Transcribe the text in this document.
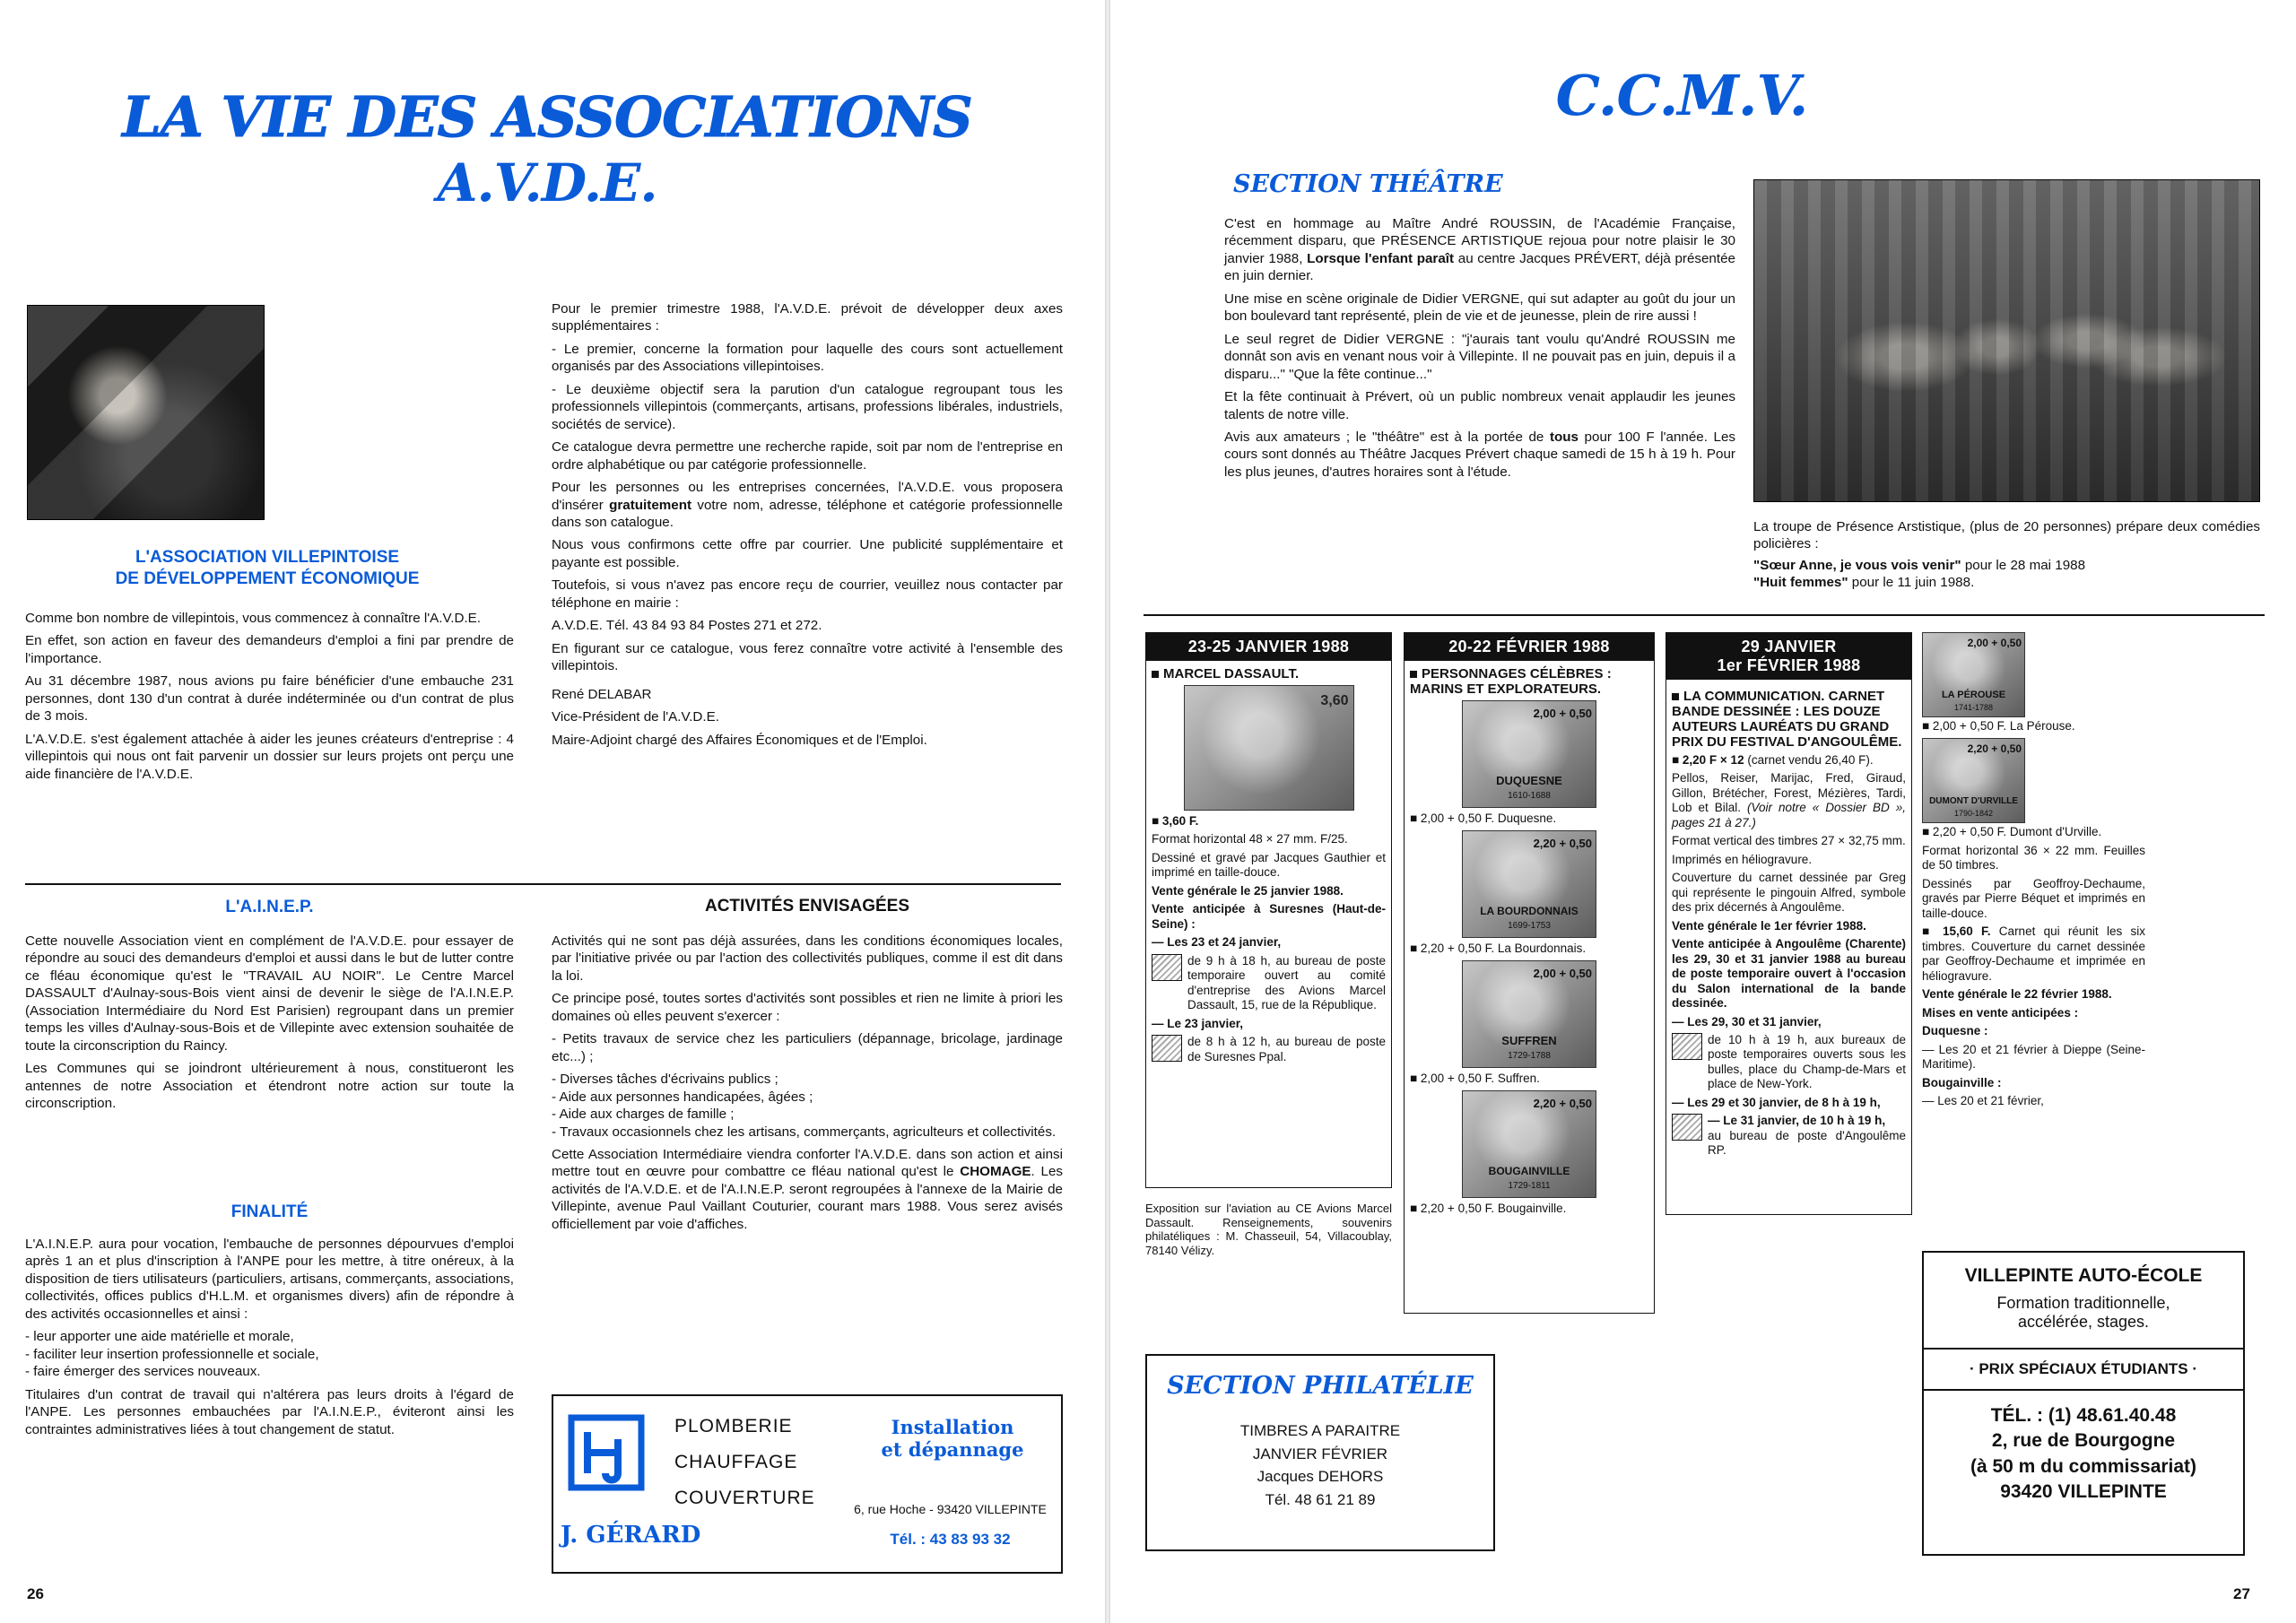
LA VIE DES ASSOCIATIONS
A.V.D.E.
L'ASSOCIATION VILLEPINTOISE
DE DÉVELOPPEMENT ÉCONOMIQUE

Comme bon nombre de villepintois, vous commencez à connaître l'A.V.D.E.

En effet, son action en faveur des demandeurs d'emploi a fini par prendre de l'importance.

Au 31 décembre 1987, nous avions pu faire bénéficier d'une embauche 231 personnes, dont 130 d'un contrat à durée indéterminée ou d'un contrat de plus de 3 mois.

L'A.V.D.E. s'est également attachée à aider les jeunes créateurs d'entreprise : 4 villepintois qui nous ont fait parvenir un dossier sur leurs projets ont perçu une aide financière de l'A.V.D.E.

Pour le premier trimestre 1988, l'A.V.D.E. prévoit de développer deux axes supplémentaires :

- Le premier, concerne la formation pour laquelle des cours sont actuellement organisés par des Associations villepintoises.

- Le deuxième objectif sera la parution d'un catalogue regroupant tous les professionnels villepintois (commerçants, artisans, professions libérales, industriels, sociétés de service).

Ce catalogue devra permettre une recherche rapide, soit par nom de l'entreprise en ordre alphabétique ou par catégorie professionnelle.

Pour les personnes ou les entreprises concernées, l'A.V.D.E. vous proposera d'insérer gratuitement votre nom, adresse, téléphone et catégorie professionnelle dans son catalogue.

Nous vous confirmons cette offre par courrier. Une publicité supplémentaire et payante est possible.

Toutefois, si vous n'avez pas encore reçu de courrier, veuillez nous contacter par téléphone en mairie :

A.V.D.E. Tél. 43 84 93 84 Postes 271 et 272.

En figurant sur ce catalogue, vous ferez connaître votre activité à l'ensemble des villepintois.

René DELABAR

Vice-Président de l'A.V.D.E.

Maire-Adjoint chargé des Affaires Économiques et de l'Emploi.

L'A.I.N.E.P.

Cette nouvelle Association vient en complément de l'A.V.D.E. pour essayer de répondre au souci des demandeurs d'emploi et aussi dans le but de lutter contre ce fléau économique qu'est le "TRAVAIL AU NOIR". Le Centre Marcel DASSAULT d'Aulnay-sous-Bois vient ainsi de devenir le siège de l'A.I.N.E.P. (Association Intermédiaire du Nord Est Parisien) regroupant dans un premier temps les villes d'Aulnay-sous-Bois et de Villepinte avec extension souhaitée de toute la circonscription du Raincy.

Les Communes qui se joindront ultérieurement à nous, constitueront les antennes de notre Association et étendront notre action sur toute la circonscription.

FINALITÉ

L'A.I.N.E.P. aura pour vocation, l'embauche de personnes dépourvues d'emploi après 1 an et plus d'inscription à l'ANPE pour les mettre, à titre onéreux, à la disposition de tiers utilisateurs (particuliers, artisans, commerçants, associations, collectivités, offices publics d'H.L.M. et organismes divers) afin de répondre à des activités occasionnelles et ainsi :

- leur apporter une aide matérielle et morale,

- faciliter leur insertion professionnelle et sociale,

- faire émerger des services nouveaux.

Titulaires d'un contrat de travail qui n'altérera pas leurs droits à l'égard de l'ANPE. Les personnes embauchées par l'A.I.N.E.P., éviteront ainsi les contraintes administratives liées à tout changement de statut.

ACTIVITÉS ENVISAGÉES

Activités qui ne sont pas déjà assurées, dans les conditions économiques locales, par l'initiative privée ou par l'action des collectivités publiques, comme il est dit dans la loi.

Ce principe posé, toutes sortes d'activités sont possibles et rien ne limite à priori les domaines où elles peuvent s'exercer :

- Petits travaux de service chez les particuliers (dépannage, bricolage, jardinage etc...) ;

- Diverses tâches d'écrivains publics ;

- Aide aux personnes handicapées, âgées ;

- Aide aux charges de famille ;

- Travaux occasionnels chez les artisans, commerçants, agriculteurs et collectivités.

Cette Association Intermédiaire viendra conforter l'A.V.D.E. dans son action et ainsi mettre tout en œuvre pour combattre ce fléau national qu'est le CHOMAGE. Les activités de l'A.V.D.E. et de l'A.I.N.E.P. seront regroupées à l'annexe de la Mairie de Villepinte, avenue Paul Vaillant Couturier, courant mars 1988. Vous serez avisés officiellement par voie d'affiches.

J. GÉRARD
PLOMBERIE
CHAUFFAGE
COUVERTURE
Installation
et dépannage
6, rue Hoche - 93420 VILLEPINTE
Tél. : 43 83 93 32
26
C.C.M.V.
SECTION THÉÂTRE

C'est en hommage au Maître André ROUSSIN, de l'Académie Française, récemment disparu, que PRÉSENCE ARTISTIQUE rejoua pour notre plaisir le 30 janvier 1988, Lorsque l'enfant paraît au centre Jacques PRÉVERT, déjà présentée en juin dernier.

Une mise en scène originale de Didier VERGNE, qui sut adapter au goût du jour un bon boulevard tant représenté, plein de vie et de jeunesse, plein de rire aussi !

Le seul regret de Didier VERGNE : "j'aurais tant voulu qu'André ROUSSIN me donnât son avis en venant nous voir à Villepinte. Il ne pouvait pas en juin, depuis il a disparu..." "Que la fête continue..."

Et la fête continuait à Prévert, où un public nombreux venait applaudir les jeunes talents de notre ville.

Avis aux amateurs ; le "théâtre" est à la portée de tous pour 100 F l'année. Les cours sont donnés au Théâtre Jacques Prévert chaque samedi de 15 h à 19 h. Pour les plus jeunes, d'autres horaires sont à l'étude.

La troupe de Présence Arstistique, (plus de 20 personnes) prépare deux comédies policières :

"Sœur Anne, je vous vois venir" pour le 28 mai 1988

"Huit femmes" pour le 11 juin 1988.

23-25 JANVIER 1988
MARCEL DASSAULT.
3,60
■ 3,60 F.
Format horizontal 48 × 27 mm. F/25.
Dessiné et gravé par Jacques Gauthier et imprimé en taille-douce.
Vente générale le 25 janvier 1988.
Vente anticipée à Suresnes (Haut-de-Seine) :
— Les 23 et 24 janvier,
de 9 h à 18 h, au bureau de poste temporaire ouvert au comité d'entreprise des Avions Marcel Dassault, 15, rue de la République.
— Le 23 janvier,
de 8 h à 12 h, au bureau de poste de Suresnes Ppal.
Exposition sur l'aviation au CE Avions Marcel Dassault. Renseignements, souvenirs philatéliques : M. Chasseuil, 54, Villacoublay, 78140 Vélizy.
20-22 FÉVRIER 1988
PERSONNAGES CÉLÈBRES : MARINS ET EXPLORATEURS.
2,00 + 0,50
DUQUESNE
1610-1688
■ 2,00 + 0,50 F. Duquesne.
2,20 + 0,50
LA BOURDONNAIS
1699-1753
■ 2,20 + 0,50 F. La Bourdonnais.
2,00 + 0,50
SUFFREN
1729-1788
■ 2,00 + 0,50 F. Suffren.
2,20 + 0,50
BOUGAINVILLE
1729-1811
■ 2,20 + 0,50 F. Bougainville.
29 JANVIER
1er FÉVRIER 1988
LA COMMUNICATION. CARNET BANDE DESSINÉE : LES DOUZE AUTEURS LAURÉATS DU GRAND PRIX DU FESTIVAL D'ANGOULÊME.
■ 2,20 F × 12 (carnet vendu 26,40 F).
Pellos, Reiser, Marijac, Fred, Giraud, Gillon, Brétécher, Forest, Mézières, Tardi, Lob et Bilal. (Voir notre « Dossier BD », pages 21 à 27.)
Format vertical des timbres 27 × 32,75 mm.
Imprimés en héliogravure.
Couverture du carnet dessinée par Greg qui représente le pingouin Alfred, symbole des prix décernés à Angoulême.
Vente générale le 1er février 1988.
Vente anticipée à Angoulême (Charente) les 29, 30 et 31 janvier 1988 au bureau de poste temporaire ouvert à l'occasion du Salon international de la bande dessinée.
— Les 29, 30 et 31 janvier,
de 10 h à 19 h, aux bureaux de poste temporaires ouverts sous les bulles, place du Champ-de-Mars et place de New-York.
— Les 29 et 30 janvier, de 8 h à 19 h,
— Le 31 janvier, de 10 h à 19 h,
au bureau de poste d'Angoulême RP.
2,00 + 0,50
LA PÉROUSE
1741-1788
■ 2,00 + 0,50 F. La Pérouse.
2,20 + 0,50
DUMONT D'URVILLE
1790-1842
■ 2,20 + 0,50 F. Dumont d'Urville.
Format horizontal 36 × 22 mm. Feuilles de 50 timbres.
Dessinés par Geoffroy-Dechaume, gravés par Pierre Béquet et imprimés en taille-douce.
■ 15,60 F. Carnet qui réunit les six timbres. Couverture du carnet dessinée par Geoffroy-Dechaume et imprimée en héliogravure.
Vente générale le 22 février 1988.
Mises en vente anticipées :
Duquesne :
— Les 20 et 21 février à Dieppe (Seine-Maritime).
Bougainville :
— Les 20 et 21 février,
SECTION PHILATÉLIE
TIMBRES A PARAITRE
JANVIER FÉVRIER
Jacques DEHORS
Tél. 48 61 21 89
VILLEPINTE AUTO-ÉCOLE
Formation traditionnelle,
accélérée, stages.
· PRIX SPÉCIAUX ÉTUDIANTS ·
TÉL. : (1) 48.61.40.48
2, rue de Bourgogne
(à 50 m du commissariat)
93420 VILLEPINTE
27
